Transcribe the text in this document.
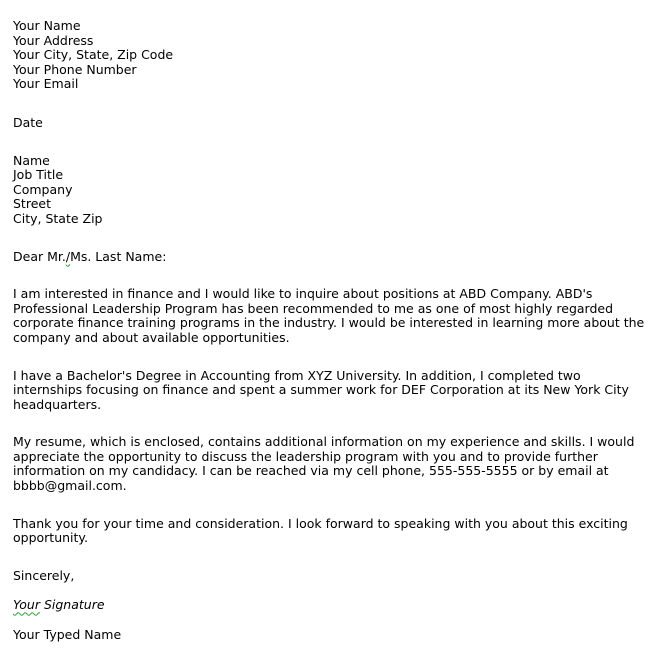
Your Name
Your Address
Your City, State, Zip Code
Your Phone Number
Your Email
Date
Name
Job Title
Company
Street
City, State Zip
Dear Mr./Ms. Last Name:

I am interested in finance and I would like to inquire about positions at ABD Company. ABD's Professional Leadership Program has been recommended to me as one of most highly regarded corporate finance training programs in the industry. I would be interested in learning more about the company and about available opportunities.

I have a Bachelor's Degree in Accounting from XYZ University. In addition, I completed two internships focusing on finance and spent a summer work for DEF Corporation at its New York City headquarters.

My resume, which is enclosed, contains additional information on my experience and skills. I would appreciate the opportunity to discuss the leadership program with you and to provide further information on my candidacy. I can be reached via my cell phone, 555-555-5555 or by email at bbbb@gmail.com.

Thank you for your time and consideration. I look forward to speaking with you about this exciting opportunity.

Sincerely,
Your Signature
Your Typed Name
